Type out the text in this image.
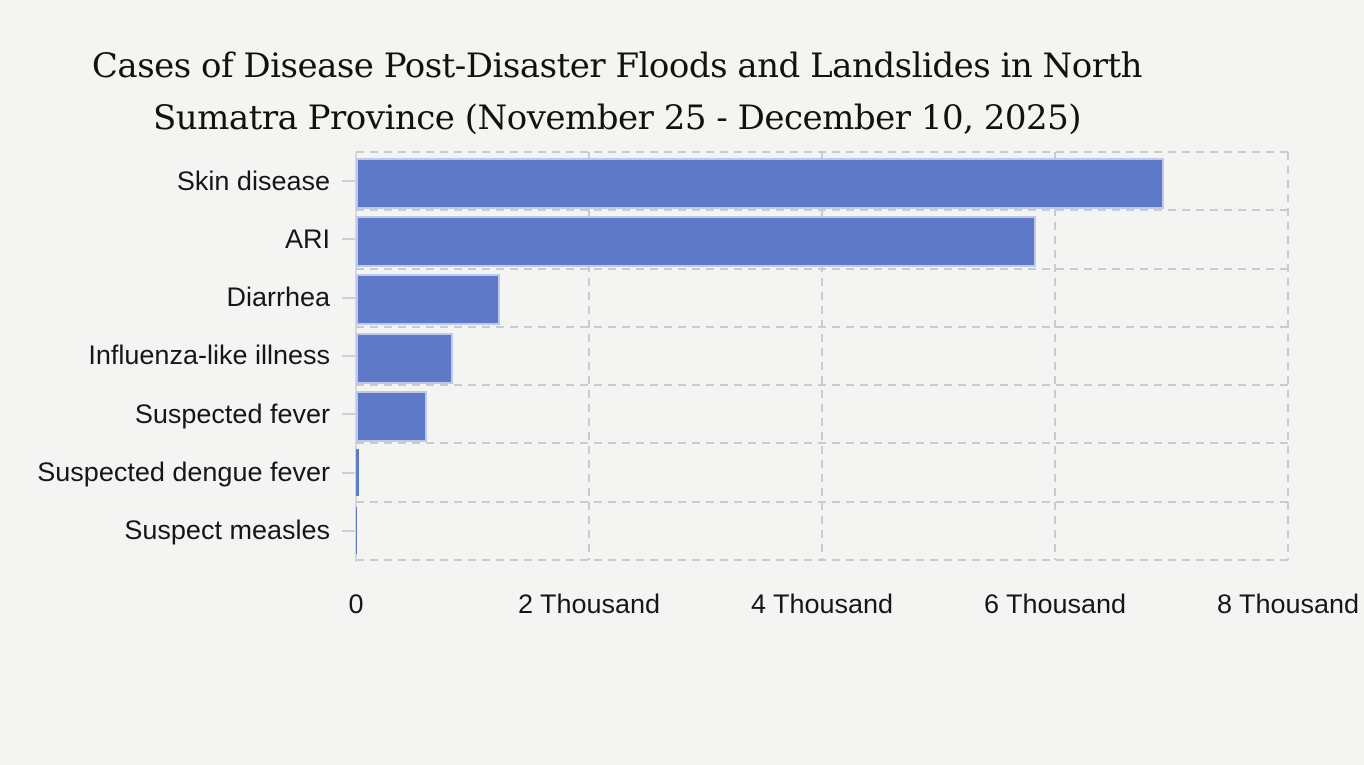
Cases of Disease Post-Disaster Floods and Landslides in North Sumatra Province (November 25 - December 10, 2025)
Skin disease
ARI
Diarrhea
Influenza-like illness
Suspected fever
Suspected dengue fever
Suspect measles
0	2 Thousand	4 Thousand	6 Thousand	8 Thousand
